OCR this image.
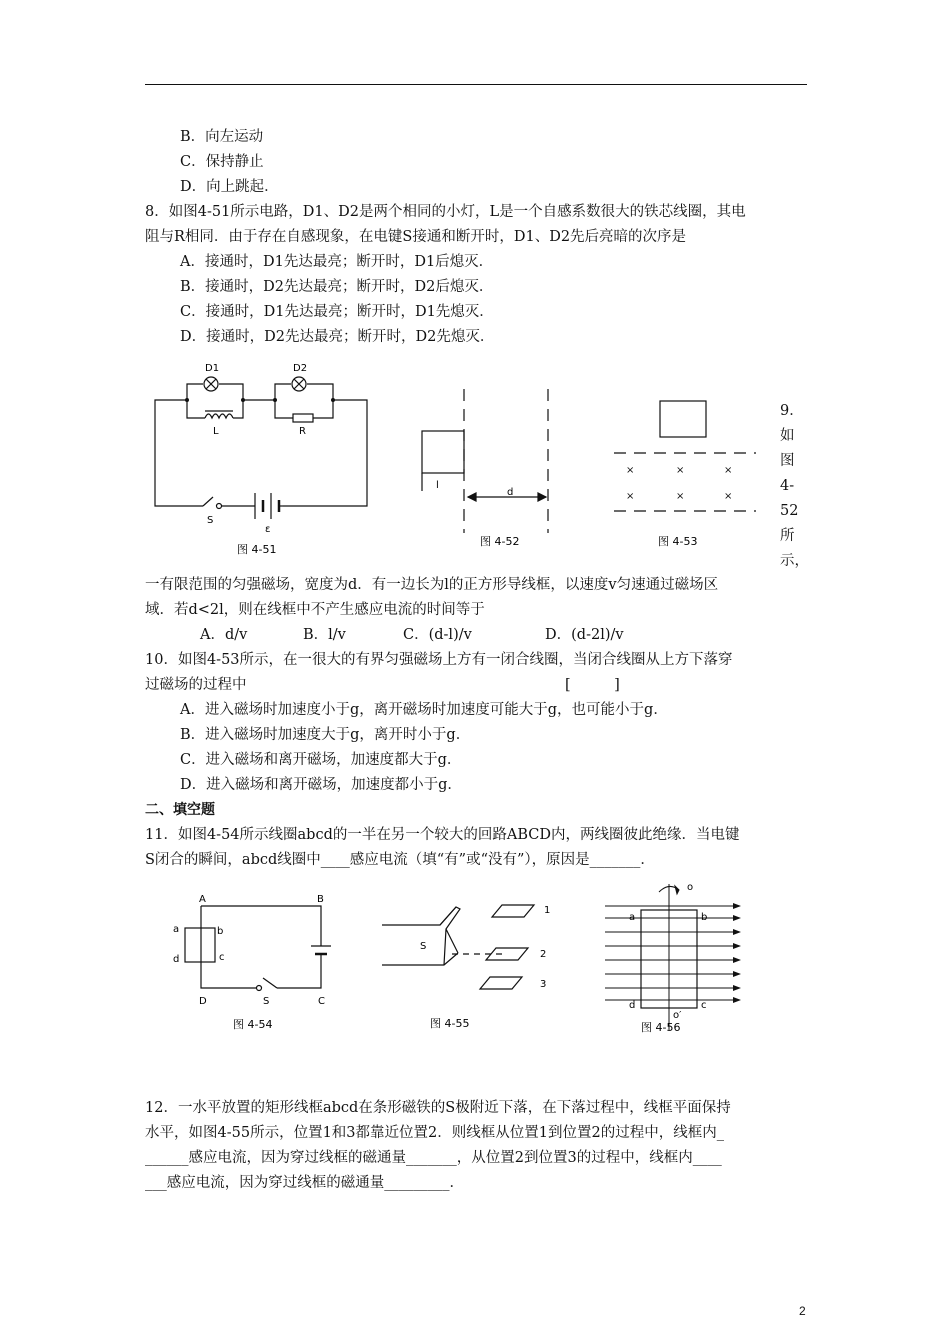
B．向左运动
C．保持静止
D．向上跳起．
8．如图4-51所示电路，D1、D2是两个相同的小灯，L是一个自感系数很大的铁芯线圈，其电
阻与R相同．由于存在自感现象，在电键S接通和断开时，D1、D2先后亮暗的次序是
A．接通时，D1先达最亮；断开时，D1后熄灭．
B．接通时，D2先达最亮；断开时，D2后熄灭．
C．接通时，D1先达最亮；断开时，D1先熄灭．
D．接通时，D2先达最亮；断开时，D2先熄灭．
D1	D2
L	R
S
ε
图 4-51
l
d
图 4-52
×	×	×
×	×	×
图 4-53
9．
如
图
4-
52
所
示，
一有限范围的匀强磁场，宽度为d．有一边长为l的正方形导线框，以速度v匀速通过磁场区
域．若d<2l，则在线框中不产生感应电流的时间等于
A．d/v	B．l/v	C．(d-l)/v	D．(d-2l)/v
10．如图4-53所示，在一很大的有界匀强磁场上方有一闭合线圈，当闭合线圈从上方下落穿
过磁场的过程中	[　　　]
A．进入磁场时加速度小于g，离开磁场时加速度可能大于g，也可能小于g．
B．进入磁场时加速度大于g，离开时小于g．
C．进入磁场和离开磁场，加速度都大于g．
D．进入磁场和离开磁场，加速度都小于g．
二、填空题
11．如图4-54所示线圈abcd的一半在另一个较大的回路ABCD内，两线圈彼此绝缘．当电键
S闭合的瞬间，abcd线圈中____感应电流（填“有”或“没有”），原因是_______．
A	B
C
D
a	b
c
d
S
图 4-54
S
1
2
3
图 4-55
o
o′
a	b
c
d
图 4-56
12．一水平放置的矩形线框abcd在条形磁铁的S极附近下落，在下落过程中，线框平面保持
水平，如图4-55所示，位置1和3都靠近位置2．则线框从位置1到位置2的过程中，线框内_
______感应电流，因为穿过线框的磁通量_______，从位置2到位置3的过程中，线框内____
___感应电流，因为穿过线框的磁通量_________．
2
